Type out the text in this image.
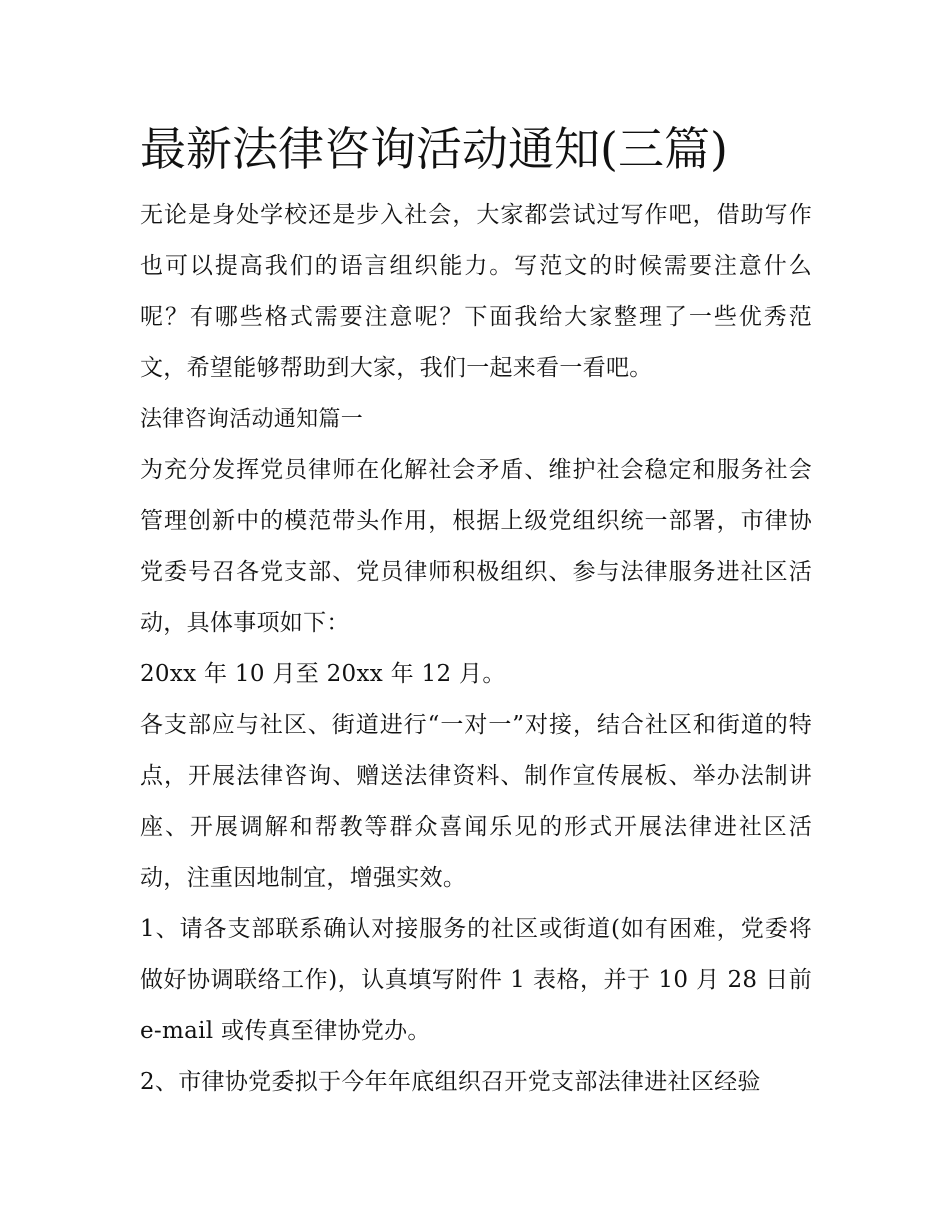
最新法律咨询活动通知(三篇)

无论是身处学校还是步入社会，大家都尝试过写作吧，借助写作也可以提高我们的语言组织能力。写范文的时候需要注意什么呢？有哪些格式需要注意呢？下面我给大家整理了一些优秀范文，希望能够帮助到大家，我们一起来看一看吧。

法律咨询活动通知篇一

为充分发挥党员律师在化解社会矛盾、维护社会稳定和服务社会管理创新中的模范带头作用，根据上级党组织统一部署，市律协党委号召各党支部、党员律师积极组织、参与法律服务进社区活动，具体事项如下：

20xx 年 10 月至 20xx 年 12 月。

各支部应与社区、街道进行“一对一”对接，结合社区和街道的特点，开展法律咨询、赠送法律资料、制作宣传展板、举办法制讲座、开展调解和帮教等群众喜闻乐见的形式开展法律进社区活动，注重因地制宜，增强实效。

1、请各支部联系确认对接服务的社区或街道(如有困难，党委将做好协调联络工作)，认真填写附件 1 表格，并于 10 月 28 日前 e-mail 或传真至律协党办。

2、市律协党委拟于今年年底组织召开党支部法律进社区经验
